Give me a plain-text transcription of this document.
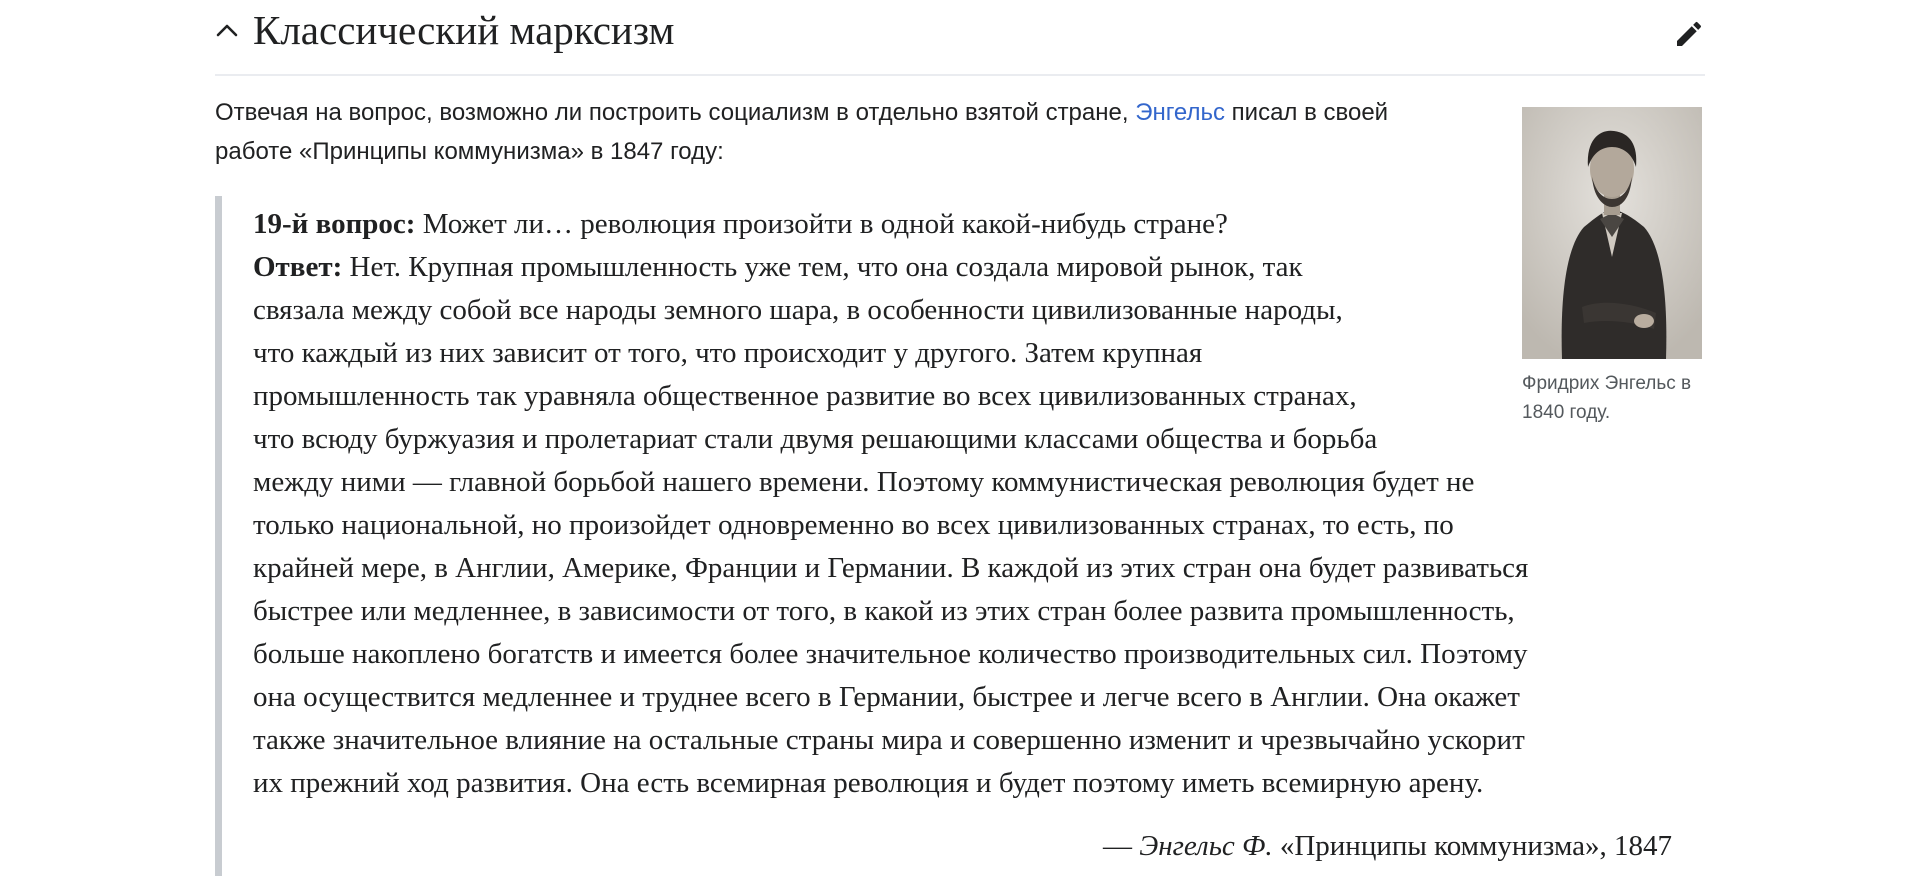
Классический марксизм

Отвечая на вопрос, возможно ли построить социализм в отдельно взятой стране, Энгельс писал в своей
работе «Принципы коммунизма» в 1847 году:

Фридрих Энгельс в 1840 году.
19-й вопрос: Может ли… революция произойти в одной какой-нибудь стране?
Ответ: Нет. Крупная промышленность уже тем, что она создала мировой рынок, так
связала между собой все народы земного шара, в особенности цивилизованные народы,
что каждый из них зависит от того, что происходит у другого. Затем крупная
промышленность так уравняла общественное развитие во всех цивилизованных странах,
что всюду буржуазия и пролетариат стали двумя решающими классами общества и борьба
между ними — главной борьбой нашего времени. Поэтому коммунистическая революция будет не
только национальной, но произойдет одновременно во всех цивилизованных странах, то есть, по
крайней мере, в Англии, Америке, Франции и Германии. В каждой из этих стран она будет развиваться
быстрее или медленнее, в зависимости от того, в какой из этих стран более развита промышленность,
больше накоплено богатств и имеется более значительное количество производительных сил. Поэтому
она осуществится медленнее и труднее всего в Германии, быстрее и легче всего в Англии. Она окажет
также значительное влияние на остальные страны мира и совершенно изменит и чрезвычайно ускорит
их прежний ход развития. Она есть всемирная революция и будет поэтому иметь всемирную арену.

— Энгельс Ф. «Принципы коммунизма», 1847
